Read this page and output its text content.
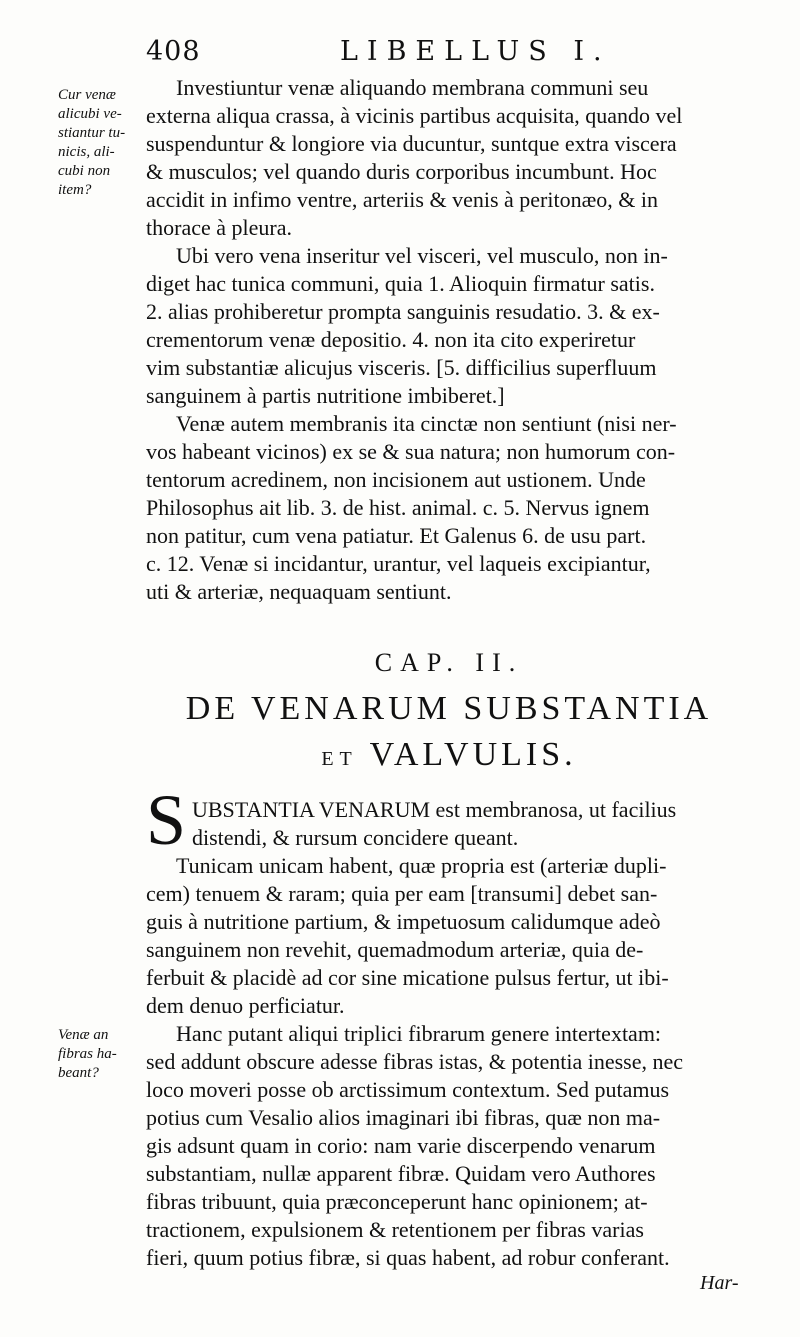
408	LIBELLUS I.
Cur venæ
alicubi ve-
stiantur tu-
nicis, ali-
cubi non
item?
Investiuntur venæ aliquando membrana communi seu
externa aliqua crassa, à vicinis partibus acquisita, quando vel
suspenduntur & longiore via ducuntur, suntque extra viscera
& musculos; vel quando duris corporibus incumbunt. Hoc
accidit in infimo ventre, arteriis & venis à peritonæo, & in
thorace à pleura.
Ubi vero vena inseritur vel visceri, vel musculo, non in-
diget hac tunica communi, quia 1. Alioquin firmatur satis.
2. alias prohiberetur prompta sanguinis resudatio. 3. & ex-
crementorum venæ depositio. 4. non ita cito experiretur
vim substantiæ alicujus visceris. [5. difficilius superfluum
sanguinem à partis nutritione imbiberet.]
Venæ autem membranis ita cinctæ non sentiunt (nisi ner-
vos habeant vicinos) ex se & sua natura; non humorum con-
tentorum acredinem, non incisionem aut ustionem. Unde
Philosophus ait lib. 3. de hist. animal. c. 5. Nervus ignem
non patitur, cum vena patiatur. Et Galenus 6. de usu part.
c. 12. Venæ si incidantur, urantur, vel laqueis excipiantur,
uti & arteriæ, nequaquam sentiunt.
CAP. II.
DE VENARUM SUBSTANTIA
ET VALVULIS.
S UBSTANTIA VENARUM est membranosa, ut facilius
distendi, & rursum concidere queant.
Tunicam unicam habent, quæ propria est (arteriæ dupli-
cem) tenuem & raram; quia per eam [transumi] debet san-
guis à nutritione partium, & impetuosum calidumque adeò
sanguinem non revehit, quemadmodum arteriæ, quia de-
ferbuit & placidè ad cor sine micatione pulsus fertur, ut ibi-
dem denuo perficiatur.
Hanc putant aliqui triplici fibrarum genere intertextam:
sed addunt obscure adesse fibras istas, & potentia inesse, nec
loco moveri posse ob arctissimum contextum. Sed putamus
potius cum Vesalio alios imaginari ibi fibras, quæ non ma-
gis adsunt quam in corio: nam varie discerpendo venarum
substantiam, nullæ apparent fibræ. Quidam vero Authores
fibras tribuunt, quia præconceperunt hanc opinionem; at-
tractionem, expulsionem & retentionem per fibras varias
fieri, quum potius fibræ, si quas habent, ad robur conferant.
Venæ an
fibras ha-
beant?
Har-
